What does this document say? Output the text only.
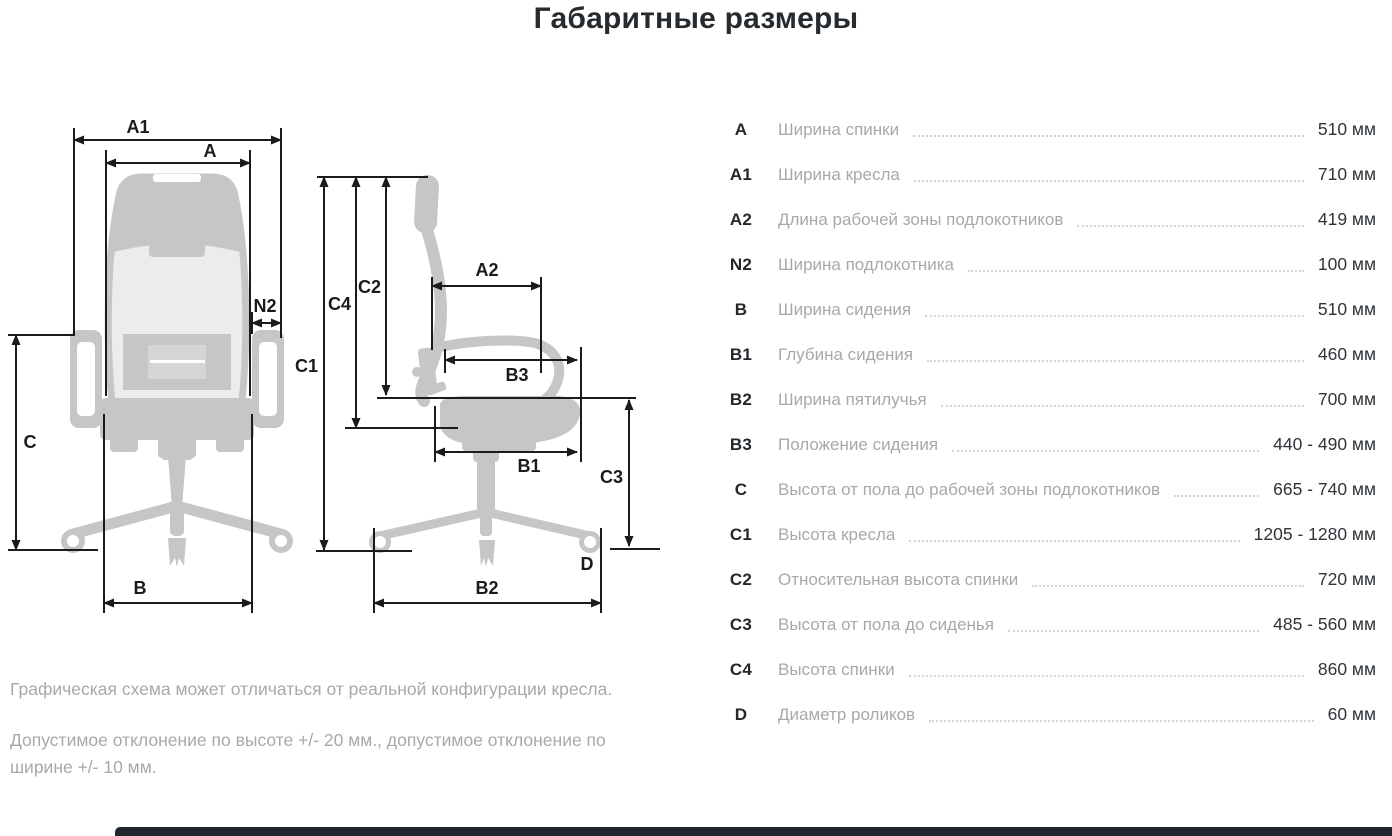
Габаритные размеры
A1
A
N2
C
B
C1
C4
C2
A2
B3
B1
C3
D
B2
A	Ширина спинки	510 мм
A1	Ширина кресла	710 мм
A2	Длина рабочей зоны подлокотников	419 мм
N2	Ширина подлокотника	100 мм
B	Ширина сидения	510 мм
B1	Глубина сидения	460 мм
B2	Ширина пятилучья	700 мм
B3	Положение сидения	440 - 490 мм
C	Высота от пола до рабочей зоны подлокотников	665 - 740 мм
C1	Высота кресла	1205 - 1280 мм
C2	Относительная высота спинки	720 мм
C3	Высота от пола до сиденья	485 - 560 мм
C4	Высота спинки	860 мм
D	Диаметр роликов	60 мм

Графическая схема может отличаться от реальной конфигурации кресла.

Допустимое отклонение по высоте +/- 20 мм., допустимое отклонение по ширине +/- 10 мм.
